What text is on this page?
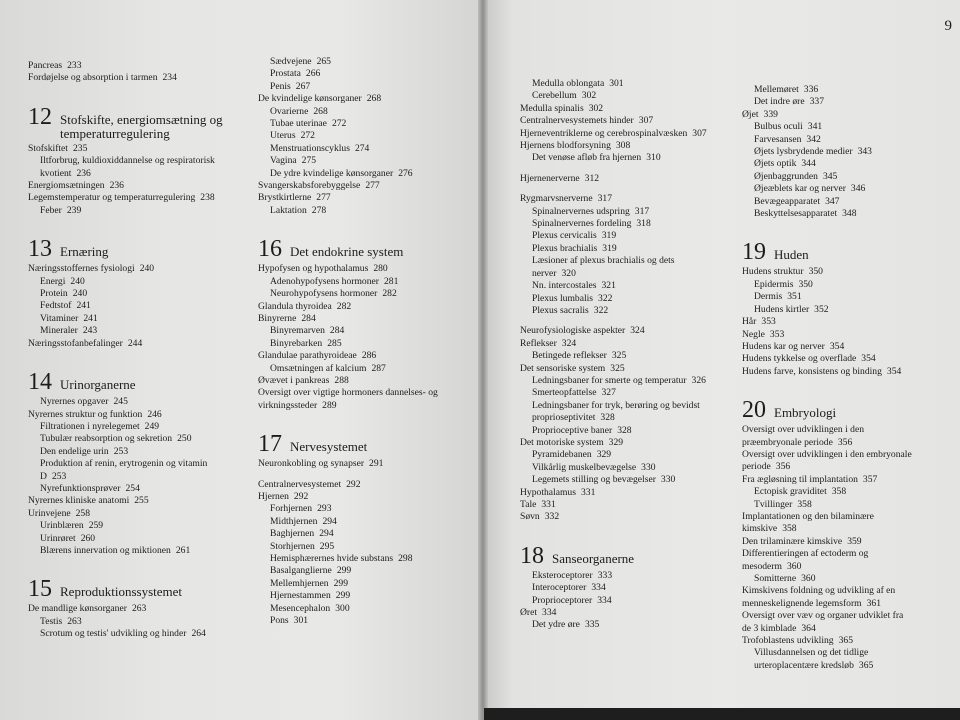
9
Pancreas 233
Fordøjelse og absorption i tarmen 234
12 Stofskifte, energiomsætning og temperaturregulering
Stofskiftet 235
Iltforbrug, kuldioxiddannelse og respiratorisk kvotient 236
Energiomsætningen 236
Legemstemperatur og temperaturregulering 238
Feber 239
13 Ernæring
Næringsstoffernes fysiologi 240
Energi 240
Protein 240
Fedtstof 241
Vitaminer 241
Mineraler 243
Næringsstofanbefalinger 244
14 Urinorganerne
Nyrernes opgaver 245
Nyrernes struktur og funktion 246
Filtrationen i nyrelegemet 249
Tubulær reabsorption og sekretion 250
Den endelige urin 253
Produktion af renin, erytrogenin og vitamin D 253
Nyrefunktionsprøver 254
Nyrernes kliniske anatomi 255
Urinvejene 258
Urinblæren 259
Urinrøret 260
Blærens innervation og miktionen 261
15 Reproduktionssystemet
De mandlige kønsorganer 263
Testis 263
Scrotum og testis' udvikling og hinder 264
Sædvejene 265
Prostata 266
Penis 267
De kvindelige kønsorganer 268
Ovarierne 268
Tubae uterinae 272
Uterus 272
Menstruationscyklus 274
Vagina 275
De ydre kvindelige kønsorganer 276
Svangerskabsforebyggelse 277
Brystkirtlerne 277
Laktation 278
16 Det endokrine system
Hypofysen og hypothalamus 280
Adenohypofysens hormoner 281
Neurohypofysens hormoner 282
Glandula thyroidea 282
Binyrerne 284
Binyremarven 284
Binyrebarken 285
Glandulae parathyroideae 286
Omsætningen af kalcium 287
Øvævet i pankreas 288
Oversigt over vigtige hormoners dannelses- og virkningssteder 289
17 Nervesystemet
Neuronkobling og synapser 291
Centralnervesystemet 292
Hjernen 292
Forhjernen 293
Midthjernen 294
Baghjernen 294
Storhjernen 295
Hemisphærernes hvide substans 298
Basalganglierne 299
Mellemhjernen 299
Hjernestammen 299
Mesencephalon 300
Pons 301
Medulla oblongata 301
Cerebellum 302
Medulla spinalis 302
Centralnervesystemets hinder 307
Hjerneventriklerne og cerebrospinalvæsken 307
Hjernens blodforsyning 308
Det venøse afløb fra hjernen 310
Hjernenerverne 312
Rygmarvsnerverne 317
Spinalnervernes udspring 317
Spinalnervernes fordeling 318
Plexus cervicalis 319
Plexus brachialis 319
Læsioner af plexus brachialis og dets nerver 320
Nn. intercostales 321
Plexus lumbalis 322
Plexus sacralis 322
Neurofysiologiske aspekter 324
Reflekser 324
Betingede reflekser 325
Det sensoriske system 325
Ledningsbaner for smerte og temperatur 326
Smerteopfattelse 327
Ledningsbaner for tryk, berøring og bevidst proprioseptivitet 328
Proprioceptive baner 328
Det motoriske system 329
Pyramidebanen 329
Vilkårlig muskelbevægelse 330
Legemets stilling og bevægelser 330
Hypothalamus 331
Tale 331
Søvn 332
18 Sanseorganerne
Eksteroceptorer 333
Interoceptorer 334
Proprioceptorer 334
Øret 334
Det ydre øre 335
Mellemøret 336
Det indre øre 337
Øjet 339
Bulbus oculi 341
Farvesansen 342
Øjets lysbrydende medier 343
Øjets optik 344
Øjenbaggrunden 345
Øjeæblets kar og nerver 346
Bevægeapparatet 347
Beskyttelsesapparatet 348
19 Huden
Hudens struktur 350
Epidermis 350
Dermis 351
Hudens kirtler 352
Hår 353
Negle 353
Hudens kar og nerver 354
Hudens tykkelse og overflade 354
Hudens farve, konsistens og binding 354
20 Embryologi
Oversigt over udviklingen i den præembryonale periode 356
Oversigt over udviklingen i den embryonale periode 356
Fra ægløsning til implantation 357
Ectopisk graviditet 358
Tvillinger 358
Implantationen og den bilaminære kimskive 358
Den trilaminære kimskive 359
Differentieringen af ectoderm og mesoderm 360
Somitterne 360
Kimskivens foldning og udvikling af en menneskelignende legemsform 361
Oversigt over væv og organer udviklet fra de 3 kimblade 364
Trofoblastens udvikling 365
Villusdannelsen og det tidlige urteroplacentære kredsløb 365
